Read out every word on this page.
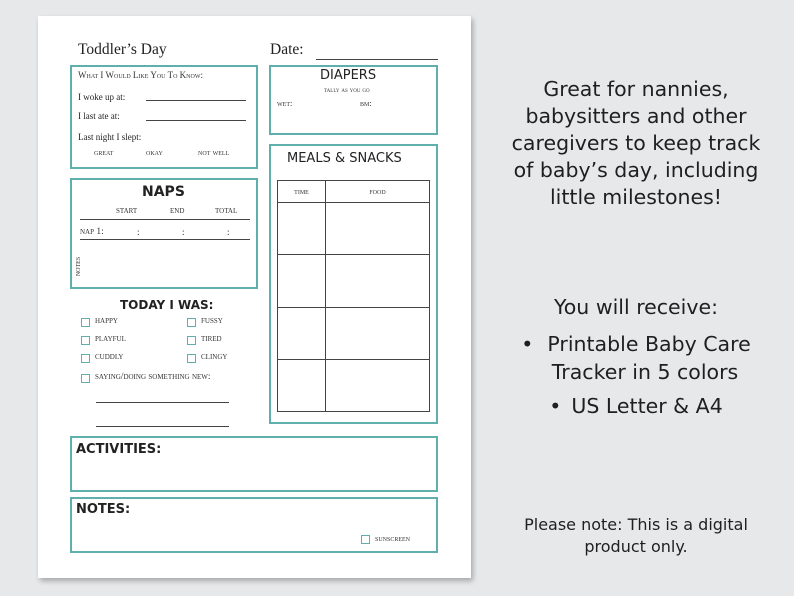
Toddler’s Day	Date:
What I Would Like You To Know:
I woke up at:
I last ate at:
Last night I slept:
great	okay	not well
NAPS
start	end	total
nap 1:	:	:	:
notes
TODAY I WAS:
happy
playful
cuddly
fussy
tired
clingy
saying/doing something new:
DIAPERS
tally as you go
wet:	bm:
MEALS & SNACKS
time	food

ACTIVITIES:
NOTES:
sunscreen
Great for nannies,
babysitters and other
caregivers to keep track
of baby’s day, including
little milestones!
You will receive:
• Printable Baby Care
Tracker in 5 colors
• US Letter & A4
Please note: This is a digital
product only.
